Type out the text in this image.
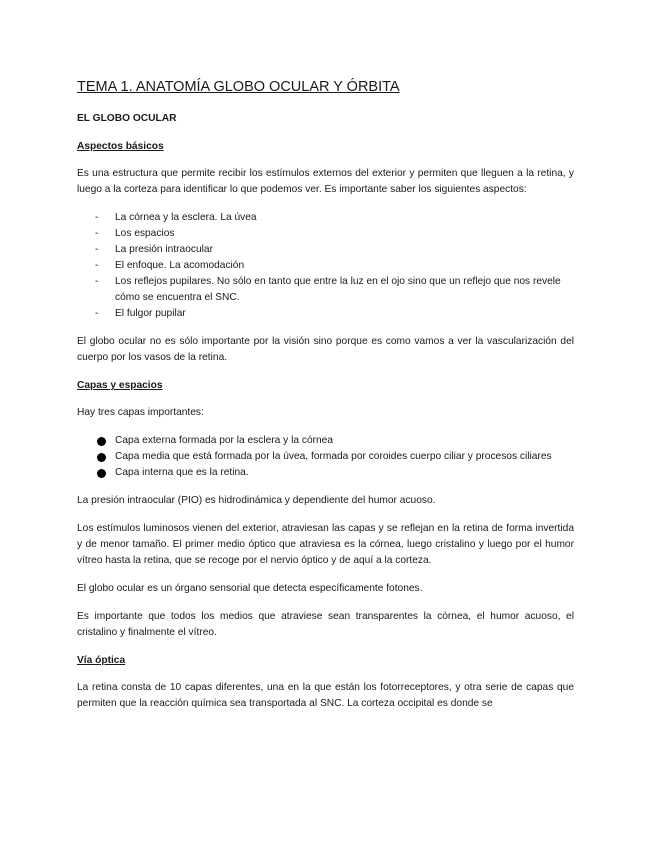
TEMA 1. ANATOMÍA GLOBO OCULAR Y ÓRBITA
EL GLOBO OCULAR
Aspectos básicos

Es una estructura que permite recibir los estímulos externos del exterior y permiten que lleguen a la retina, y luego a la corteza para identificar lo que podemos ver. Es importante saber los siguientes aspectos:

- La córnea y la esclera. La úvea
- Los espacios
- La presión intraocular
- El enfoque. La acomodación
- Los reflejos pupilares. No sólo en tanto que entre la luz en el ojo sino que un reflejo que nos revele cómo se encuentra el SNC.
- El fulgor pupilar

El globo ocular no es sólo importante por la visión sino porque es como vamos a ver la vascularización del cuerpo por los vasos de la retina.

Capas y espacios

Hay tres capas importantes:

Capa externa formada por la esclera y la córnea
Capa media que está formada por la úvea, formada por coroides cuerpo ciliar y procesos ciliares
Capa interna que es la retina.

La presión intraocular (PIO) es hidrodinámica y dependiente del humor acuoso.

Los estímulos luminosos vienen del exterior, atraviesan las capas y se reflejan en la retina de forma invertida y de menor tamaño. El primer medio óptico que atraviesa es la córnea, luego cristalino y luego por el humor vítreo hasta la retina, que se recoge por el nervio óptico y de aquí a la corteza.

El globo ocular es un órgano sensorial que detecta específicamente fotones.

Es importante que todos los medios que atraviese sean transparentes la córnea, el humor acuoso, el cristalino y finalmente el vítreo.

Vía óptica

La retina consta de 10 capas diferentes, una en la que están los fotorreceptores, y otra serie de capas que permiten que la reacción química sea transportada al SNC. La corteza occipital es donde se
